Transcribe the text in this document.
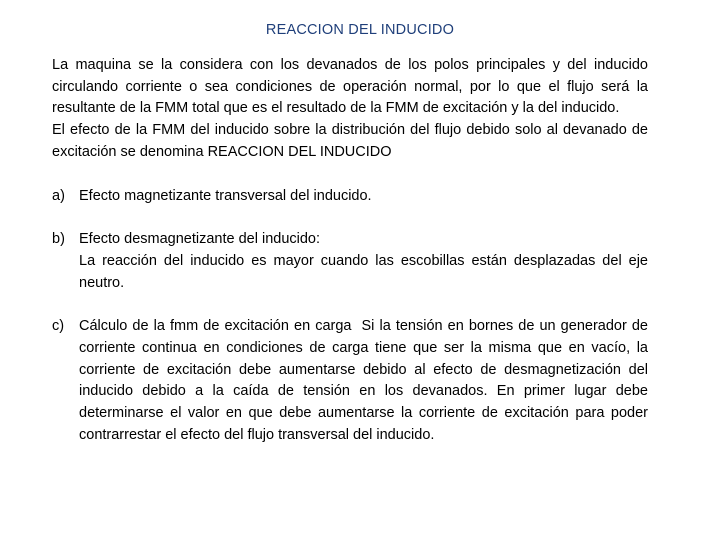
REACCION DEL INDUCIDO

La maquina se la considera con los devanados de los polos principales y del inducido circulando corriente o sea condiciones de operación normal, por lo que el flujo será la resultante de la FMM total que es el resultado de la FMM de excitación y la del inducido.

El efecto de la FMM del inducido sobre la distribución del flujo debido solo al devanado de excitación se denomina REACCION DEL INDUCIDO

a) Efecto magnetizante transversal del inducido.
b) Efecto desmagnetizante del inducido:
La reacción del inducido es mayor cuando las escobillas están desplazadas del eje neutro.
c)	Cálculo de la fmm de excitación en carga Si la tensión en bornes de un generador de corriente continua en condiciones de carga tiene que ser la misma que en vacío, la corriente de excitación debe aumentarse debido al efecto de desmagnetización del inducido debido a la caída de tensión en los devanados. En primer lugar debe determinarse el valor en que debe aumentarse la corriente de excitación para poder contrarrestar el efecto del flujo transversal del inducido.
